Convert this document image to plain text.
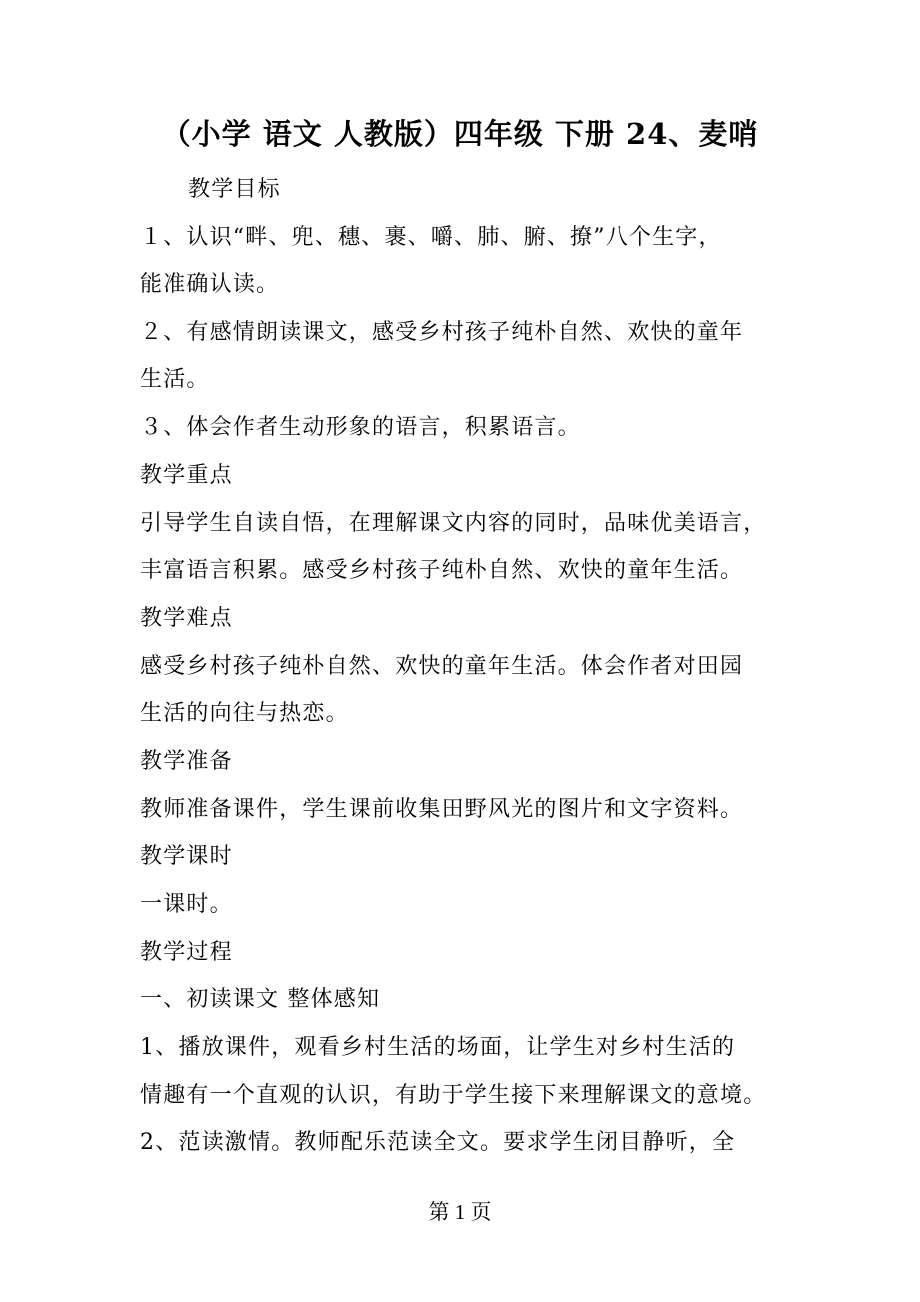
（小学 语文 人教版）四年级 下册 24、麦哨
教学目标
１、认识“畔、兜、穗、裹、嚼、肺、腑、撩”八个生字，
能准确认读。
２、有感情朗读课文，感受乡村孩子纯朴自然、欢快的童年
生活。
３、体会作者生动形象的语言，积累语言。
教学重点
引导学生自读自悟，在理解课文内容的同时，品味优美语言，
丰富语言积累。感受乡村孩子纯朴自然、欢快的童年生活。
教学难点
感受乡村孩子纯朴自然、欢快的童年生活。体会作者对田园
生活的向往与热恋。
教学准备
教师准备课件，学生课前收集田野风光的图片和文字资料。
教学课时
一课时。
教学过程
一、初读课文 整体感知
1、播放课件，观看乡村生活的场面，让学生对乡村生活的
情趣有一个直观的认识，有助于学生接下来理解课文的意境。
2、范读激情。教师配乐范读全文。要求学生闭目静听，全
第 1 页
